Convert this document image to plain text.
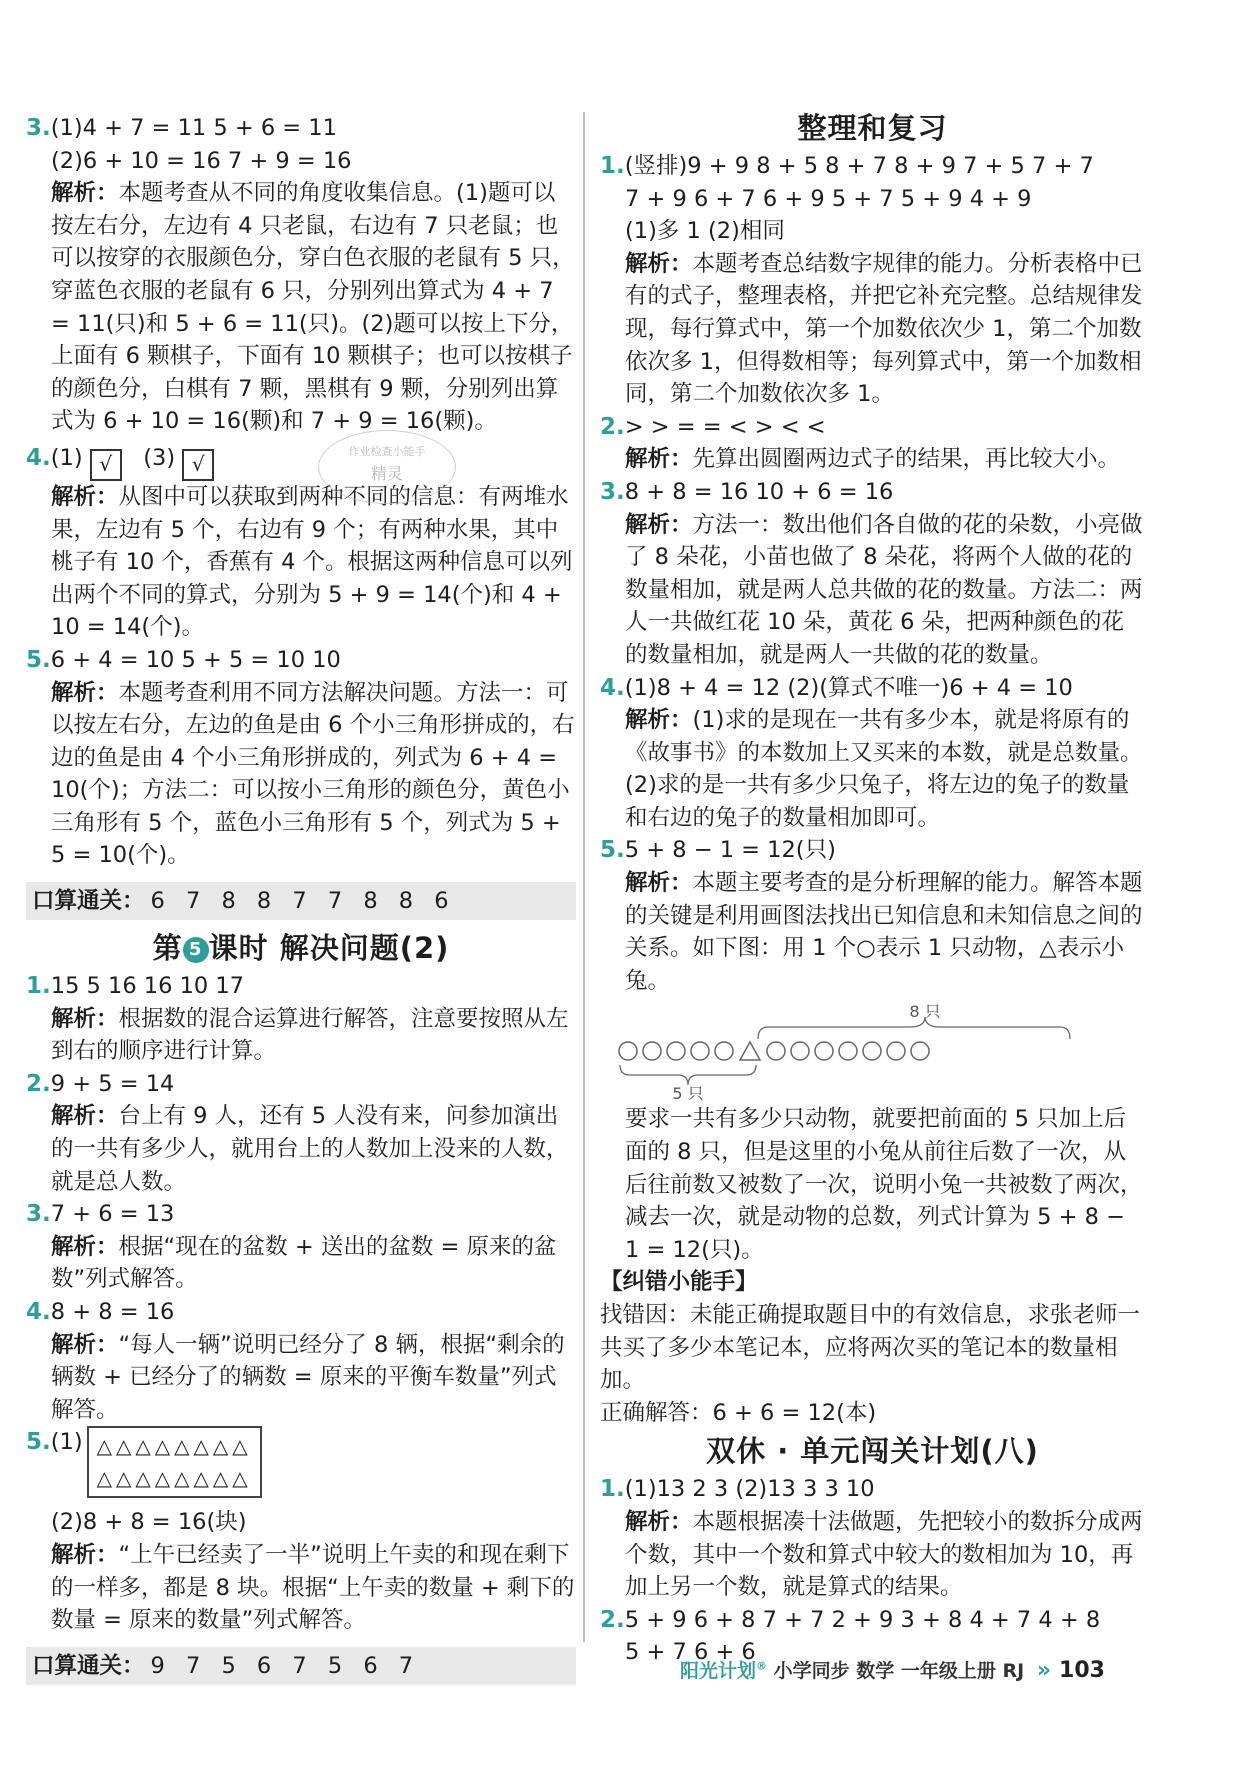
3.(1)4 + 7 = 11 5 + 6 = 11
(2)6 + 10 = 16 7 + 9 = 16
解析：本题考查从不同的角度收集信息。(1)题可以按左右分，左边有 4 只老鼠，右边有 7 只老鼠；也可以按穿的衣服颜色分，穿白色衣服的老鼠有 5 只，穿蓝色衣服的老鼠有 6 只，分别列出算式为 4 + 7 = 11(只)和 5 + 6 = 11(只)。(2)题可以按上下分，上面有 6 颗棋子，下面有 10 颗棋子；也可以按棋子的颜色分，白棋有 7 颗，黑棋有 9 颗，分别列出算式为 6 + 10 = 16(颗)和 7 + 9 = 16(颗)。
4.(1) √ (3) √
解析：从图中可以获取到两种不同的信息：有两堆水果，左边有 5 个，右边有 9 个；有两种水果，其中桃子有 10 个，香蕉有 4 个。根据这两种信息可以列出两个不同的算式，分别为 5 + 9 = 14(个)和 4 + 10 = 14(个)。
5.6 + 4 = 10 5 + 5 = 10 10
解析：本题考查利用不同方法解决问题。方法一：可以按左右分，左边的鱼是由 6 个小三角形拼成的，右边的鱼是由 4 个小三角形拼成的，列式为 6 + 4 = 10(个)；方法二：可以按小三角形的颜色分，黄色小三角形有 5 个，蓝色小三角形有 5 个，列式为 5 + 5 = 10(个)。
口算通关： 6 7 8 8 7 7 8 8 6
第 5 课时 解决问题(2)
1.15 5 16 16 10 17
解析：根据数的混合运算进行解答，注意要按照从左到右的顺序进行计算。
2.9 + 5 = 14
解析：台上有 9 人，还有 5 人没有来，问参加演出的一共有多少人，就用台上的人数加上没来的人数，就是总人数。
3.7 + 6 = 13
解析：根据“现在的盆数 + 送出的盆数 = 原来的盆数”列式解答。
4.8 + 8 = 16
解析：“每人一辆”说明已经分了 8 辆，根据“剩余的辆数 + 已经分了的辆数 = 原来的平衡车数量”列式解答。
5.(1) △△△△△△△△
△△△△△△△△
(2)8 + 8 = 16(块)
解析：“上午已经卖了一半”说明上午卖的和现在剩下的一样多，都是 8 块。根据“上午卖的数量 + 剩下的数量 = 原来的数量”列式解答。
口算通关： 9 7 5 6 7 5 6 7
作业检查小能手
精灵
整理和复习
1.(竖排)9 + 9 8 + 5 8 + 7 8 + 9 7 + 5 7 + 7
7 + 9 6 + 7 6 + 9 5 + 7 5 + 9 4 + 9
(1)多 1 (2)相同
解析：本题考查总结数字规律的能力。分析表格中已有的式子，整理表格，并把它补充完整。总结规律发现，每行算式中，第一个加数依次少 1，第二个加数依次多 1，但得数相等；每列算式中，第一个加数相同，第二个加数依次多 1。
2.> > = = < > < <
解析：先算出圆圈两边式子的结果，再比较大小。
3.8 + 8 = 16 10 + 6 = 16
解析：方法一：数出他们各自做的花的朵数，小亮做了 8 朵花，小苗也做了 8 朵花，将两个人做的花的数量相加，就是两人总共做的花的数量。方法二：两人一共做红花 10 朵，黄花 6 朵，把两种颜色的花的数量相加，就是两人一共做的花的数量。
4.(1)8 + 4 = 12 (2)(算式不唯一)6 + 4 = 10
解析：(1)求的是现在一共有多少本，就是将原有的《故事书》的本数加上又买来的本数，就是总数量。(2)求的是一共有多少只兔子，将左边的兔子的数量和右边的兔子的数量相加即可。
5.5 + 8 − 1 = 12(只)
解析：本题主要考查的是分析理解的能力。解答本题的关键是利用画图法找出已知信息和未知信息之间的关系。如下图：用 1 个○表示 1 只动物，△表示小兔。
8 只
5 只
要求一共有多少只动物，就要把前面的 5 只加上后面的 8 只，但是这里的小兔从前往后数了一次，从后往前数又被数了一次，说明小兔一共被数了两次，减去一次，就是动物的总数，列式计算为 5 + 8 − 1 = 12(只)。
【纠错小能手】
找错因：未能正确提取题目中的有效信息，求张老师一共买了多少本笔记本，应将两次买的笔记本的数量相加。
正确解答：6 + 6 = 12(本)
双休 · 单元闯关计划(八)
1.(1)13 2 3 (2)13 3 3 10
解析：本题根据凑十法做题，先把较小的数拆分成两个数，其中一个数和算式中较大的数相加为 10，再加上另一个数，就是算式的结果。
2.5 + 9 6 + 8 7 + 7 2 + 9 3 + 8 4 + 7 4 + 8
5 + 7 6 + 6
阳光计划® 小学同步 数学 一年级上册 RJ » 103
